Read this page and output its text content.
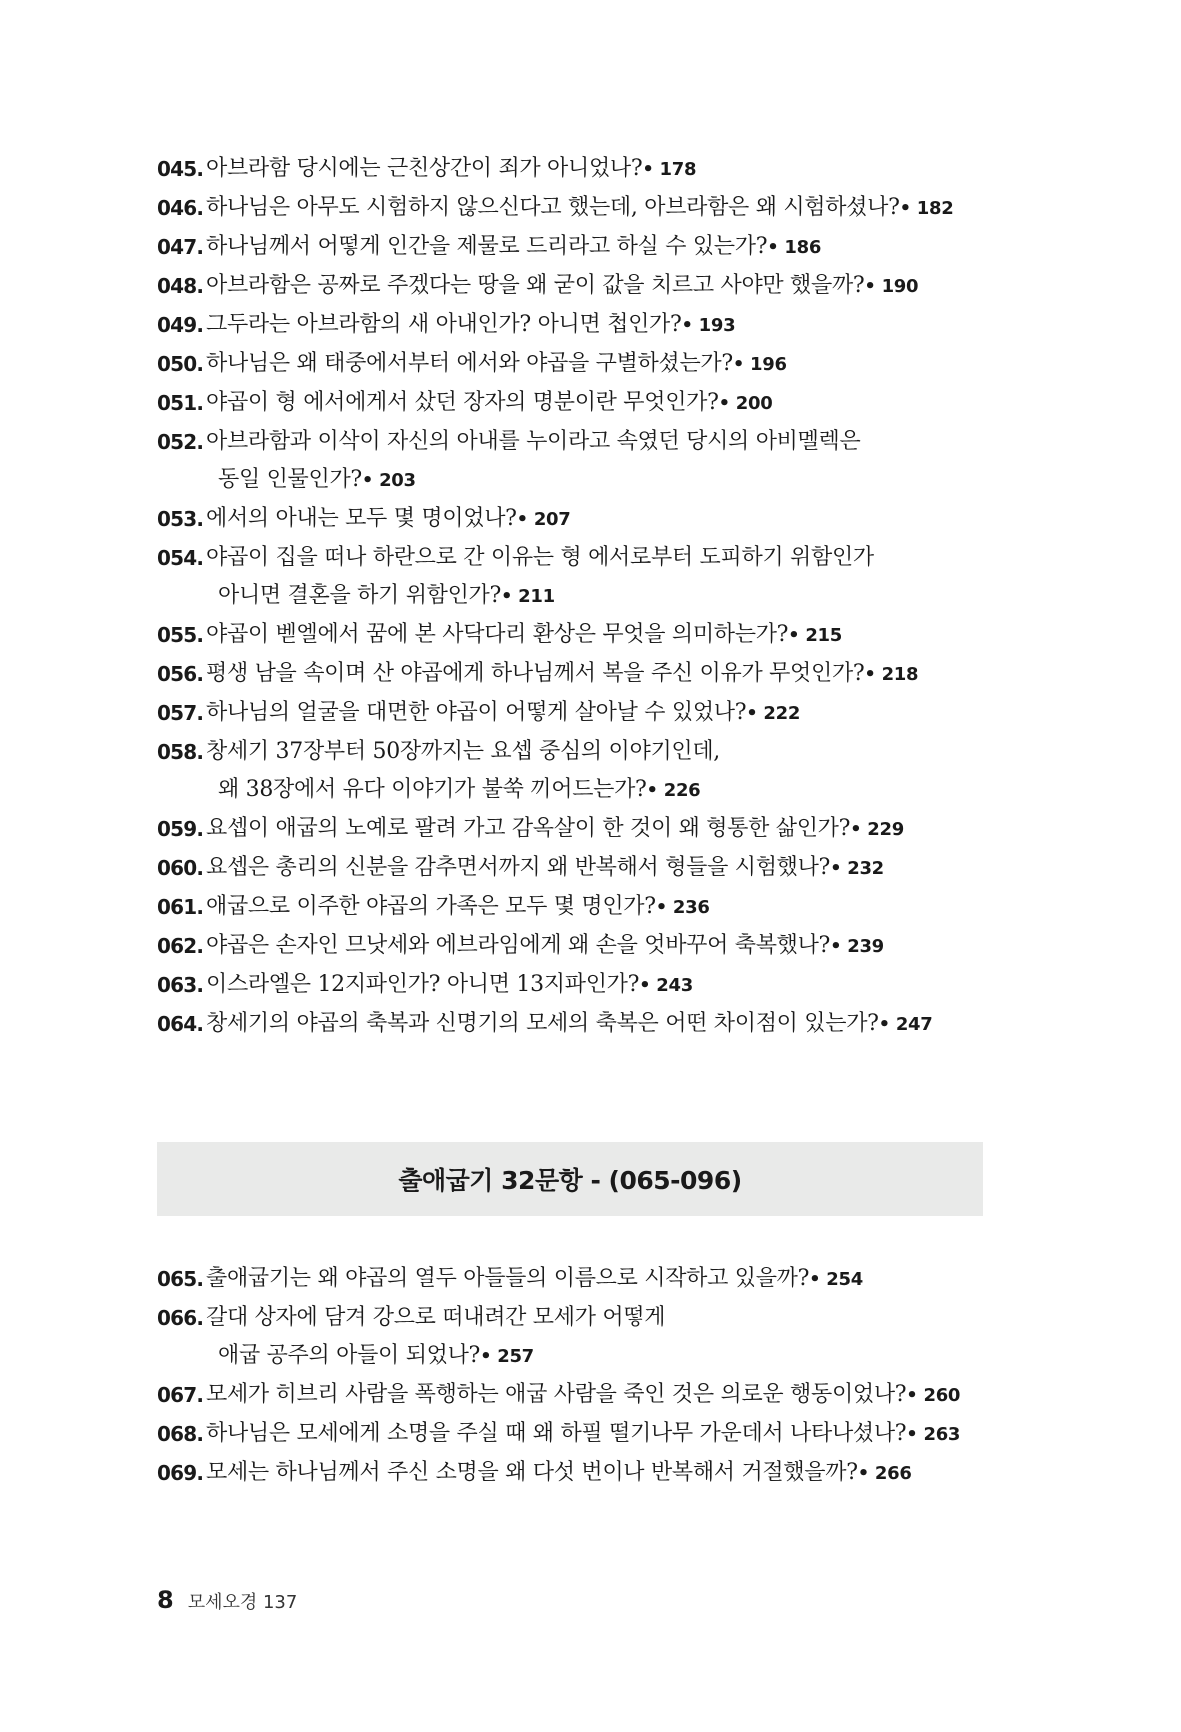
045. 아브라함 당시에는 근친상간이 죄가 아니었나?• 178
046. 하나님은 아무도 시험하지 않으신다고 했는데, 아브라함은 왜 시험하셨나?• 182
047. 하나님께서 어떻게 인간을 제물로 드리라고 하실 수 있는가?• 186
048. 아브라함은 공짜로 주겠다는 땅을 왜 굳이 값을 치르고 사야만 했을까?• 190
049. 그두라는 아브라함의 새 아내인가? 아니면 첩인가?• 193
050. 하나님은 왜 태중에서부터 에서와 야곱을 구별하셨는가?• 196
051. 야곱이 형 에서에게서 샀던 장자의 명분이란 무엇인가?• 200
052. 아브라함과 이삭이 자신의 아내를 누이라고 속였던 당시의 아비멜렉은
동일 인물인가?• 203
053. 에서의 아내는 모두 몇 명이었나?• 207
054. 야곱이 집을 떠나 하란으로 간 이유는 형 에서로부터 도피하기 위함인가
아니면 결혼을 하기 위함인가?• 211
055. 야곱이 벧엘에서 꿈에 본 사닥다리 환상은 무엇을 의미하는가?• 215
056. 평생 남을 속이며 산 야곱에게 하나님께서 복을 주신 이유가 무엇인가?• 218
057. 하나님의 얼굴을 대면한 야곱이 어떻게 살아날 수 있었나?• 222
058. 창세기 37장부터 50장까지는 요셉 중심의 이야기인데,
왜 38장에서 유다 이야기가 불쑥 끼어드는가?• 226
059. 요셉이 애굽의 노예로 팔려 가고 감옥살이 한 것이 왜 형통한 삶인가?• 229
060. 요셉은 총리의 신분을 감추면서까지 왜 반복해서 형들을 시험했나?• 232
061. 애굽으로 이주한 야곱의 가족은 모두 몇 명인가?• 236
062. 야곱은 손자인 므낫세와 에브라임에게 왜 손을 엇바꾸어 축복했나?• 239
063. 이스라엘은 12지파인가? 아니면 13지파인가?• 243
064. 창세기의 야곱의 축복과 신명기의 모세의 축복은 어떤 차이점이 있는가?• 247
출애굽기 32문항 - (065-096)
065. 출애굽기는 왜 야곱의 열두 아들들의 이름으로 시작하고 있을까?• 254
066. 갈대 상자에 담겨 강으로 떠내려간 모세가 어떻게
애굽 공주의 아들이 되었나?• 257
067. 모세가 히브리 사람을 폭행하는 애굽 사람을 죽인 것은 의로운 행동이었나?• 260
068. 하나님은 모세에게 소명을 주실 때 왜 하필 떨기나무 가운데서 나타나셨나?• 263
069. 모세는 하나님께서 주신 소명을 왜 다섯 번이나 반복해서 거절했을까?• 266
8 모세오경 137
